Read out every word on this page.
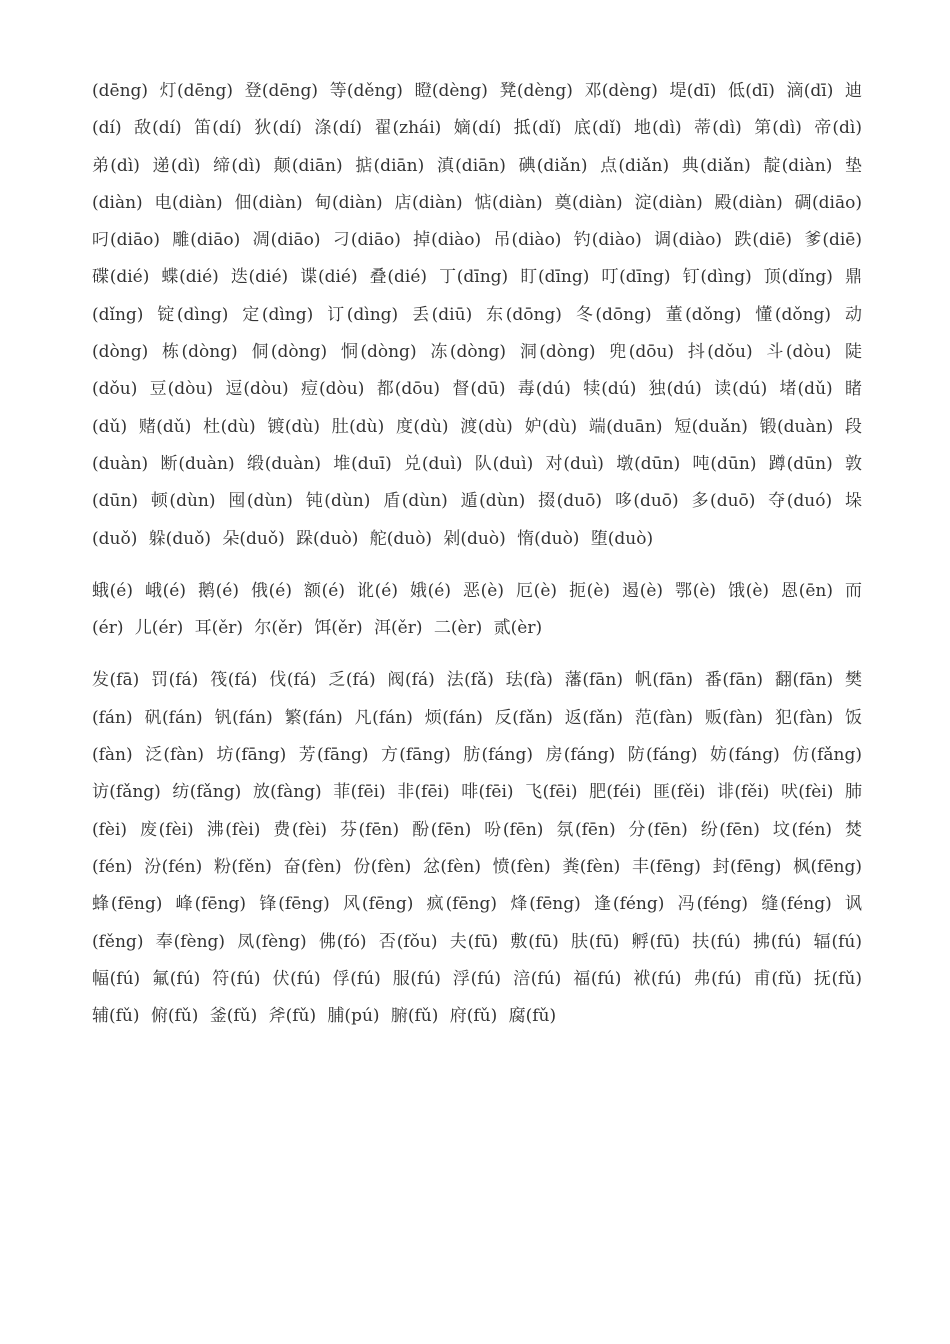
(dēng) 灯(dēng) 登(dēng) 等(děng) 瞪(dèng) 凳(dèng) 邓(dèng) 堤(dī) 低(dī) 滴(dī) 迪(dí) 敌(dí) 笛(dí) 狄(dí) 涤(dí) 翟(zhái) 嫡(dí) 抵(dǐ) 底(dǐ) 地(dì) 蒂(dì) 第(dì) 帝(dì) 弟(dì) 递(dì) 缔(dì) 颠(diān) 掂(diān) 滇(diān) 碘(diǎn) 点(diǎn) 典(diǎn) 靛(diàn) 垫(diàn) 电(diàn) 佃(diàn) 甸(diàn) 店(diàn) 惦(diàn) 奠(diàn) 淀(diàn) 殿(diàn) 碉(diāo) 叼(diāo) 雕(diāo) 凋(diāo) 刁(diāo) 掉(diào) 吊(diào) 钓(diào) 调(diào) 跌(diē) 爹(diē) 碟(dié) 蝶(dié) 迭(dié) 谍(dié) 叠(dié) 丁(dīng) 盯(dīng) 叮(dīng) 钉(dìng) 顶(dǐng) 鼎(dǐng) 锭(dìng) 定(dìng) 订(dìng) 丢(diū) 东(dōng) 冬(dōng) 董(dǒng) 懂(dǒng) 动(dòng) 栋(dòng) 侗(dòng) 恫(dòng) 冻(dòng) 洞(dòng) 兜(dōu) 抖(dǒu) 斗(dòu) 陡(dǒu) 豆(dòu) 逗(dòu) 痘(dòu) 都(dōu) 督(dū) 毒(dú) 犊(dú) 独(dú) 读(dú) 堵(dǔ) 睹(dǔ) 赌(dǔ) 杜(dù) 镀(dù) 肚(dù) 度(dù) 渡(dù) 妒(dù) 端(duān) 短(duǎn) 锻(duàn) 段(duàn) 断(duàn) 缎(duàn) 堆(duī) 兑(duì) 队(duì) 对(duì) 墩(dūn) 吨(dūn) 蹲(dūn) 敦(dūn) 顿(dùn) 囤(dùn) 钝(dùn) 盾(dùn) 遁(dùn) 掇(duō) 哆(duō) 多(duō) 夺(duó) 垛(duǒ) 躲(duǒ) 朵(duǒ) 跺(duò) 舵(duò) 剁(duò) 惰(duò) 堕(duò)

蛾(é) 峨(é) 鹅(é) 俄(é) 额(é) 讹(é) 娥(é) 恶(è) 厄(è) 扼(è) 遏(è) 鄂(è) 饿(è) 恩(ēn) 而(ér) 儿(ér) 耳(ěr) 尔(ěr) 饵(ěr) 洱(ěr) 二(èr) 贰(èr)

发(fā) 罚(fá) 筏(fá) 伐(fá) 乏(fá) 阀(fá) 法(fǎ) 珐(fà) 藩(fān) 帆(fān) 番(fān) 翻(fān) 樊(fán) 矾(fán) 钒(fán) 繁(fán) 凡(fán) 烦(fán) 反(fǎn) 返(fǎn) 范(fàn) 贩(fàn) 犯(fàn) 饭(fàn) 泛(fàn) 坊(fāng) 芳(fāng) 方(fāng) 肪(fáng) 房(fáng) 防(fáng) 妨(fáng) 仿(fǎng) 访(fǎng) 纺(fǎng) 放(fàng) 菲(fēi) 非(fēi) 啡(fēi) 飞(fēi) 肥(féi) 匪(fěi) 诽(fěi) 吠(fèi) 肺(fèi) 废(fèi) 沸(fèi) 费(fèi) 芬(fēn) 酚(fēn) 吩(fēn) 氛(fēn) 分(fēn) 纷(fēn) 坟(fén) 焚(fén) 汾(fén) 粉(fěn) 奋(fèn) 份(fèn) 忿(fèn) 愤(fèn) 粪(fèn) 丰(fēng) 封(fēng) 枫(fēng) 蜂(fēng) 峰(fēng) 锋(fēng) 风(fēng) 疯(fēng) 烽(fēng) 逢(féng) 冯(féng) 缝(féng) 讽(fěng) 奉(fèng) 凤(fèng) 佛(fó) 否(fǒu) 夫(fū) 敷(fū) 肤(fū) 孵(fū) 扶(fú) 拂(fú) 辐(fú) 幅(fú) 氟(fú) 符(fú) 伏(fú) 俘(fú) 服(fú) 浮(fú) 涪(fú) 福(fú) 袱(fú) 弗(fú) 甫(fǔ) 抚(fǔ) 辅(fǔ) 俯(fǔ) 釜(fǔ) 斧(fǔ) 脯(pú) 腑(fǔ) 府(fǔ) 腐(fǔ)
